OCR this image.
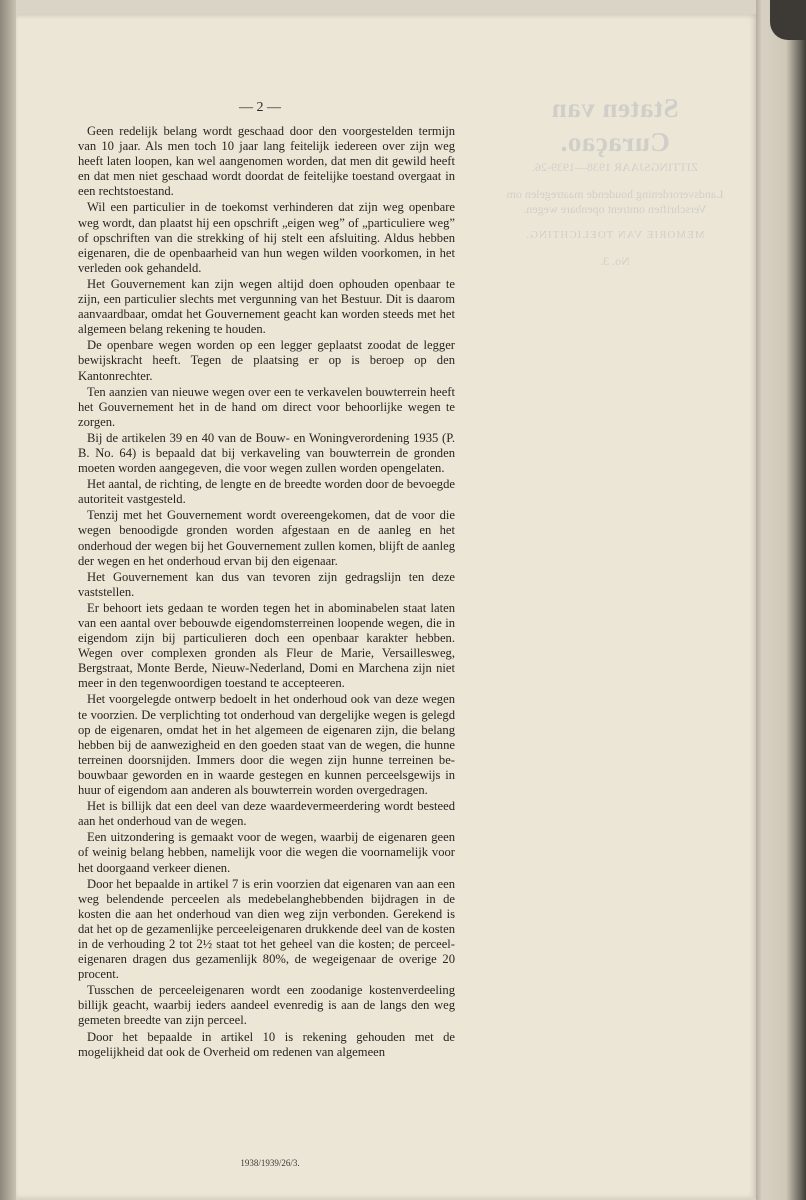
Staten van Curaçao.
ZITTINGSJAAR 1938—1939-26.
Landsverordening houdende maatregelen om
Verschriften omtrent openbare wegen.
MEMORIE VAN TOELICHTING.
No. 3.
— 2 —

Geen redelijk belang wordt geschaad door den voorgestelden termijn van 10 jaar. Als men toch 10 jaar lang feitelijk iedereen over zijn weg heeft laten loopen, kan wel aangenomen worden, dat men dit gewild heeft en dat men niet geschaad wordt doordat de feitelijke toestand overgaat in een rechtstoestand.

Wil een particulier in de toekomst verhinderen dat zijn weg openbare weg wordt, dan plaatst hij een opschrift „eigen weg” of „particuliere weg” of opschriften van die strekking of hij stelt een afsluiting. Aldus hebben eigenaren, die de openbaarheid van hun wegen wilden voorkomen, in het verleden ook gehandeld.

Het Gouvernement kan zijn wegen altijd doen ophouden openbaar te zijn, een particulier slechts met vergunning van het Bestuur. Dit is daarom aanvaardbaar, omdat het Gouvernement geacht kan worden steeds met het algemeen belang rekening te houden.

De openbare wegen worden op een legger geplaatst zoodat de legger bewijskracht heeft. Tegen de plaatsing er op is beroep op den Kantonrechter.

Ten aanzien van nieuwe wegen over een te verkavelen bouwterrein heeft het Gouvernement het in de hand om direct voor behoorlijke wegen te zorgen.

Bij de artikelen 39 en 40 van de Bouw- en Woningverordening 1935 (P. B. No. 64) is bepaald dat bij verkaveling van bouwterrein de gronden moeten worden aangegeven, die voor wegen zullen worden opengelaten.

Het aantal, de richting, de lengte en de breedte worden door de bevoegde autoriteit vastgesteld.

Tenzij met het Gouvernement wordt overeengekomen, dat de voor die wegen benoodigde gronden worden afgestaan en de aanleg en het onderhoud der wegen bij het Gouvernement zullen komen, blijft de aanleg der wegen en het onderhoud ervan bij den eigenaar.

Het Gouvernement kan dus van tevoren zijn gedragslijn ten deze vaststellen.

Er behoort iets gedaan te worden tegen het in abominabelen staat laten van een aantal over bebouwde eigendomsterreinen loopende wegen, die in eigendom zijn bij particulieren doch een openbaar karakter hebben. Wegen over complexen gronden als Fleur de Marie, Versaillesweg, Bergstraat, Monte Berde, Nieuw-Nederland, Domi en Marchena zijn niet meer in den tegenwoordigen toestand te accepteeren.

Het voorgelegde ontwerp bedoelt in het onderhoud ook van deze wegen te voorzien. De verplichting tot onderhoud van dergelijke wegen is gelegd op de eigenaren, omdat het in het algemeen de eigenaren zijn, die belang hebben bij de aanwezigheid en den goeden staat van de wegen, die hunne terreinen doorsnijden. Immers door die wegen zijn hunne terreinen bebouwbaar geworden en in waarde gestegen en kunnen perceelsgewijs in huur of eigendom aan anderen als bouwterrein worden overgedragen.

Het is billijk dat een deel van deze waardevermeerdering wordt besteed aan het onderhoud van de wegen.

Een uitzondering is gemaakt voor de wegen, waarbij de eigenaren geen of weinig belang hebben, namelijk voor die wegen die voornamelijk voor het doorgaand verkeer dienen.

Door het bepaalde in artikel 7 is erin voorzien dat eigenaren van aan een weg belendende perceelen als medebelanghebbenden bijdragen in de kosten die aan het onderhoud van dien weg zijn verbonden. Gerekend is dat het op de gezamenlijke perceeleigenaren drukkende deel van de kosten in de verhouding 2 tot 2½ staat tot het geheel van die kosten; de perceel-eigenaren dragen dus gezamenlijk 80%, de wegeigenaar de overige 20 procent.

Tusschen de perceeleigenaren wordt een zoodanige kostenverdeeling billijk geacht, waarbij ieders aandeel evenredig is aan de langs den weg gemeten breedte van zijn perceel.

Door het bepaalde in artikel 10 is rekening gehouden met de mogelijkheid dat ook de Overheid om redenen van algemeen

1938/1939/26/3.
